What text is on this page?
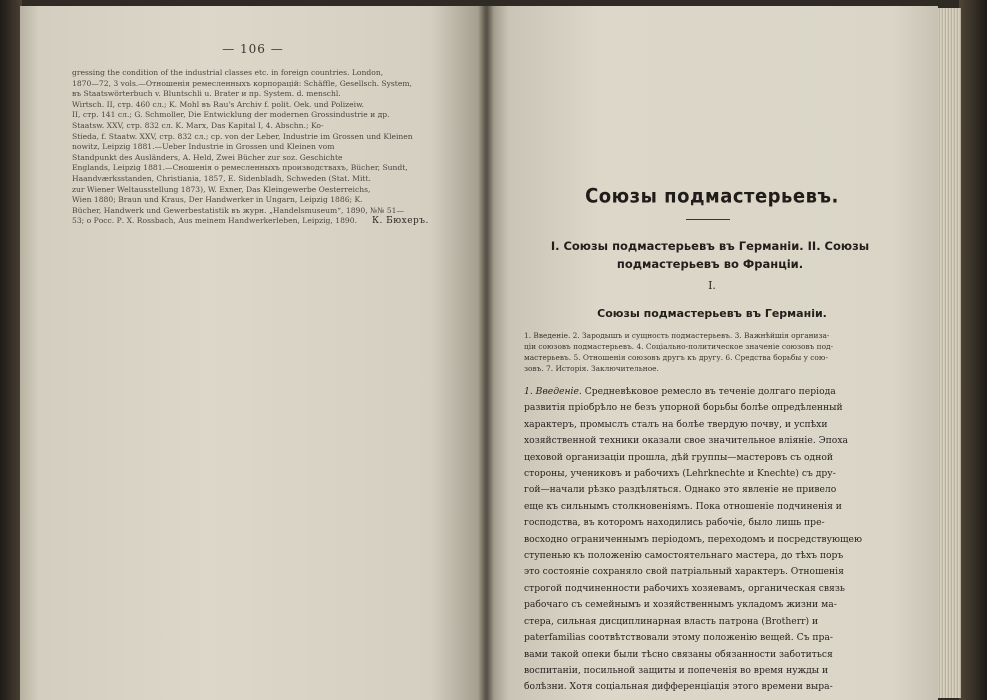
— 106 —

gressing the condition of the industrial classes etc. in foreign countries. London,

1870—72, 3 vols.—Отношенія ремесленныхъ корпорацій: Schäffle, Gesellsch. System,

въ Staatswörterbuch v. Bluntschli u. Brater и пр. System. d. menschl.

Wirtsch. II, стр. 460 сл.; K. Mohl въ Rau's Archiv f. polit. Oek. und Polizeiw.

II, стр. 141 сл.; G. Schmoller, Die Entwicklung der modernen Grossindustrie и др.

Staatsw. XXV, стр. 832 сл. K. Marx, Das Kapital I, 4. Abschn.; Ko-

Stieda, f. Staatw. XXV, стр. 832 сл.; cp. von der Leber, Industrie im Grossen und Kleinen

nowitz, Leipzig 1881.—Ueber Industrie in Grossen und Kleinen vom

Standpunkt des Ausländers, A. Held, Zwei Bücher zur soz. Geschichte

Englands, Leipzig 1881.—Сношенія о ремесленныхъ производствахъ, Bücher, Sundt,

Haandværksstanden, Christiania, 1857, E. Sidenbladh, Schweden (Stat. Mitt.

zur Wiener Weltausstellung 1873), W. Exner, Das Kleingewerbe Oesterreichs,

Wien 1880; Braun und Kraus, Der Handwerker in Ungarn, Leipzig 1886; K.

Bücher, Handwerk und Gewerbestatistik въ журн. „Handelsmuseum“, 1890, №№ 51—

53; о Росс. Р. Х. Rossbach, Aus meinem Handwerkerleben, Leipzig, 1890.	К. Бюхеръ.
Союзы подмастерьевъ.
I. Союзы подмастерьевъ въ Германіи. II. Союзы подмастерьевъ во Франціи.
I.
Союзы подмастерьевъ въ Германіи.

1. Введеніе. 2. Зародышъ и сущность подмастерьевъ. 3. Важнѣйшія организа-

ціи союзовъ подмастерьевъ. 4. Соціально-политическое значеніе союзовъ под-

мастерьевъ. 5. Отношенія союзовъ другъ къ другу. 6. Средства борьбы у сою-

зовъ. 7. Исторія. Заключительное.

1. Введеніе. Средневѣковое ремесло въ теченіе долгаго періода

развитія пріобрѣло не безъ упорной борьбы болѣе опредѣленный

характеръ, промыслъ сталъ на болѣе твердую почву, и успѣхи

хозяйственной техники оказали свое значительное вліяніе. Эпоха

цеховой организаціи прошла, дѣй группы—мастеровъ съ одной

стороны, учениковъ и рабочихъ (Lehrknechte и Knechte) съ дру-

гой—начали рѣзко раздѣляться. Однако это явленіе не привело

еще къ сильнымъ столкновеніямъ. Пока отношеніе подчиненія и

господства, въ которомъ находились рабочіе, было лишь пре-

восходно ограниченнымъ періодомъ, переходомъ и посредствующею

ступенью къ положенію самостоятельнаго мастера, до тѣхъ поръ

это состояніе сохраняло свой патріальный характеръ. Отношенія

строгой подчиненности рабочихъ хозяевамъ, органическая связь

рабочаго съ семейнымъ и хозяйственнымъ укладомъ жизни ма-

стера, сильная дисциплинарная власть патрона (Brotherr) и

paterfamilias соотвѣтствовали этому положенію вещей. Съ пра-

вами такой опеки были тѣсно связаны обязанности заботиться

воспитаніи, посильной защиты и попеченія во время нужды и

болѣзни. Хотя соціальная дифференціація этого времени выра-
